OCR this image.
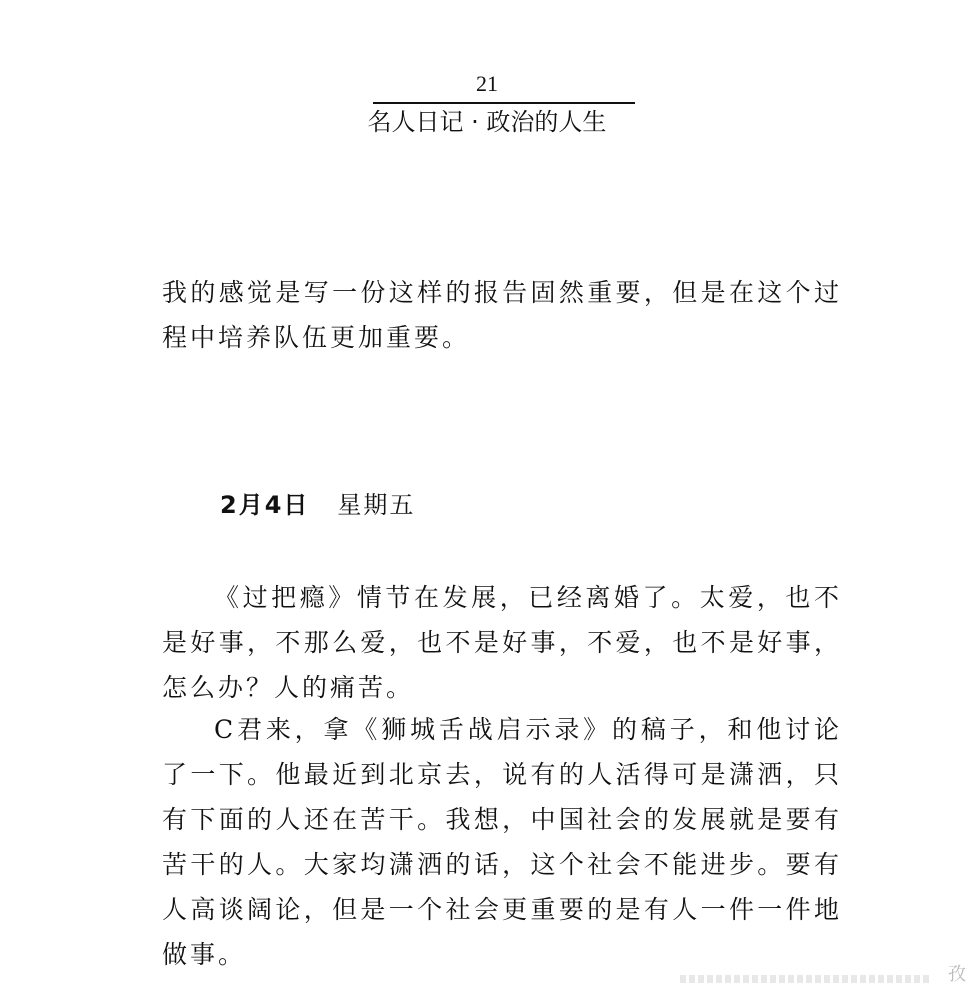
21
名人日记 · 政治的人生

我的感觉是写一份这样的报告固然重要，但是在这个过程中培养队伍更加重要。

2月4日 星期五

《过把瘾》情节在发展，已经离婚了。太爱，也不是好事，不那么爱，也不是好事，不爱，也不是好事，怎么办？人的痛苦。

C君来，拿《狮城舌战启示录》的稿子，和他讨论了一下。他最近到北京去，说有的人活得可是潇洒，只有下面的人还在苦干。我想，中国社会的发展就是要有苦干的人。大家均潇洒的话，这个社会不能进步。要有人高谈阔论，但是一个社会更重要的是有人一件一件地做事。

孜
